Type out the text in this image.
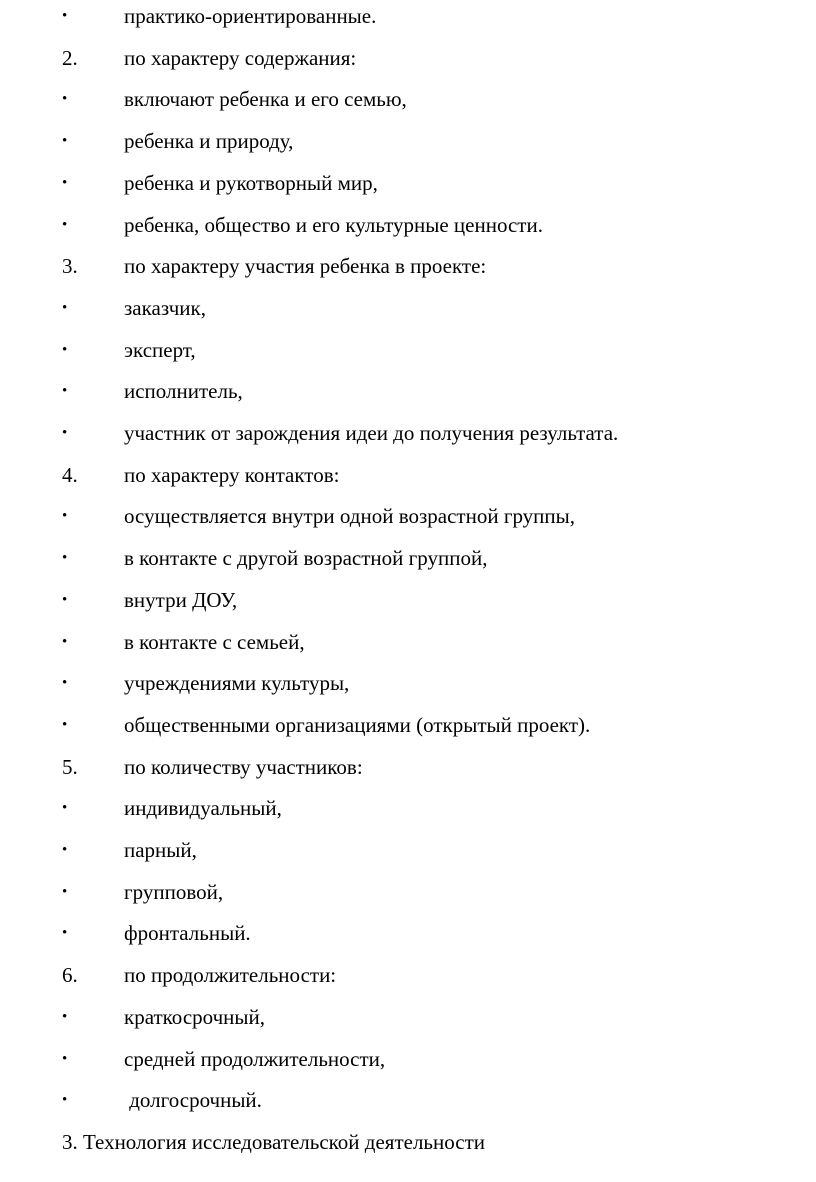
•	практико-ориентированные.
2. по характеру содержания:
•	включают ребенка и его семью,
•	ребенка и природу,
•	ребенка и рукотворный мир,
•	ребенка, общество и его культурные ценности.
3. по характеру участия ребенка в проекте:
•	заказчик,
•	эксперт,
•	исполнитель,
•	участник от зарождения идеи до получения результата.
4. по характеру контактов:
•	осуществляется внутри одной возрастной группы,
•	в контакте с другой возрастной группой,
•	внутри ДОУ,
•	в контакте с семьей,
•	учреждениями культуры,
•	общественными организациями (открытый проект).
5. по количеству участников:
•	индивидуальный,
•	парный,
•	групповой,
•	фронтальный.
6. по продолжительности:
•	краткосрочный,
•	средней продолжительности,
•	долгосрочный.
3. Технология исследовательской деятельности
